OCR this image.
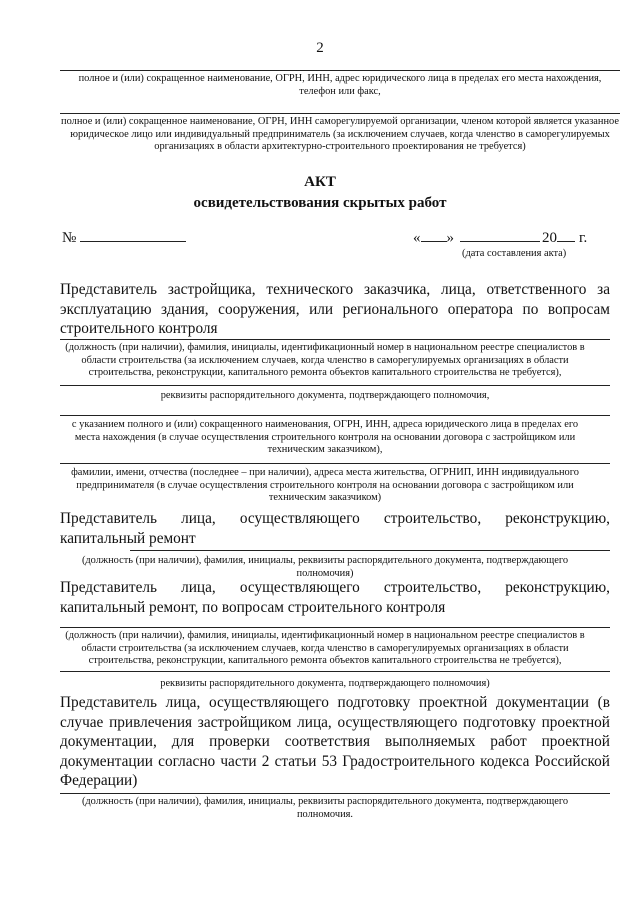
2
полное и (или) сокращенное наименование, ОГРН, ИНН, адрес юридического лица в пределах его места нахождения, телефон или факс,
полное и (или) сокращенное наименование, ОГРН, ИНН саморегулируемой организации, членом которой является указанное юридическое лицо или индивидуальный предприниматель (за исключением случаев, когда членство в саморегулируемых организациях в области архитектурно-строительного проектирования не требуется)
АКТ
освидетельствования скрытых работ
№	« »	20 г.
(дата составления акта)
Представитель застройщика, технического заказчика, лица, ответственного за эксплуатацию здания, сооружения, или регионального оператора по вопросам строительного контроля
(должность (при наличии), фамилия, инициалы, идентификационный номер в национальном реестре специалистов в области строительства (за исключением случаев, когда членство в саморегулируемых организациях в области строительства, реконструкции, капитального ремонта объектов капитального строительства не требуется),
реквизиты распорядительного документа, подтверждающего полномочия,
с указанием полного и (или) сокращенного наименования, ОГРН, ИНН, адреса юридического лица в пределах его места нахождения (в случае осуществления строительного контроля на основании договора с застройщиком или техническим заказчиком),
фамилии, имени, отчества (последнее – при наличии), адреса места жительства, ОГРНИП, ИНН индивидуального предпринимателя (в случае осуществления строительного контроля на основании договора с застройщиком или техническим заказчиком)
Представитель лица, осуществляющего строительство, реконструкцию, капитальный ремонт
(должность (при наличии), фамилия, инициалы, реквизиты распорядительного документа, подтверждающего полномочия)
Представитель лица, осуществляющего строительство, реконструкцию, капитальный ремонт, по вопросам строительного контроля
(должность (при наличии), фамилия, инициалы, идентификационный номер в национальном реестре специалистов в области строительства (за исключением случаев, когда членство в саморегулируемых организациях в области строительства, реконструкции, капитального ремонта объектов капитального строительства не требуется),
реквизиты распорядительного документа, подтверждающего полномочия)
Представитель лица, осуществляющего подготовку проектной документации (в случае привлечения застройщиком лица, осуществляющего подготовку проектной документации, для проверки соответствия выполняемых работ проектной документации согласно части 2 статьи 53 Градостроительного кодекса Российской Федерации)
(должность (при наличии), фамилия, инициалы, реквизиты распорядительного документа, подтверждающего полномочия.
